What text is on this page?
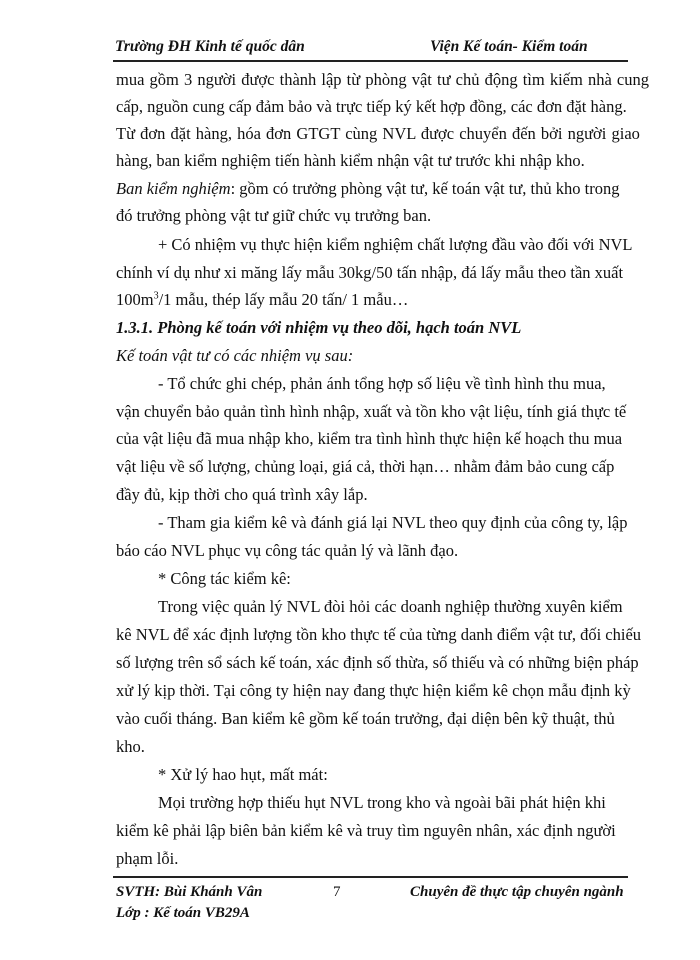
Trường ĐH Kinh tế quốc dân	Viện Kế toán- Kiểm toán
mua gồm 3 người được thành lập từ phòng vật tư chủ động tìm kiếm nhà cung
cấp, nguồn cung cấp đảm bảo và trực tiếp ký kết hợp đồng, các đơn đặt hàng.
Từ đơn đặt hàng, hóa đơn GTGT cùng NVL được chuyển đến bởi người giao
hàng, ban kiểm nghiệm tiến hành kiểm nhận vật tư trước khi nhập kho.
Ban kiểm nghiệm: gồm có trưởng phòng vật tư, kế toán vật tư, thủ kho trong
đó trưởng phòng vật tư giữ chức vụ trưởng ban.
+ Có nhiệm vụ thực hiện kiểm nghiệm chất lượng đầu vào đối với NVL
chính ví dụ như xi măng lấy mẫu 30kg/50 tấn nhập, đá lấy mẫu theo tần xuất
$100m^3/1$ mẫu, thép lấy mẫu 20 tấn/ 1 mẫu…
1.3.1. Phòng kế toán với nhiệm vụ theo dõi, hạch toán NVL
Kế toán vật tư có các nhiệm vụ sau:
- Tổ chức ghi chép, phản ánh tổng hợp số liệu về tình hình thu mua,
vận chuyển bảo quản tình hình nhập, xuất và tồn kho vật liệu, tính giá thực tế
của vật liệu đã mua nhập kho, kiểm tra tình hình thực hiện kế hoạch thu mua
vật liệu về số lượng, chủng loại, giá cả, thời hạn… nhằm đảm bảo cung cấp
đầy đủ, kịp thời cho quá trình xây lắp.
- Tham gia kiểm kê và đánh giá lại NVL theo quy định của công ty, lập
báo cáo NVL phục vụ công tác quản lý và lãnh đạo.
* Công tác kiểm kê:
Trong việc quản lý NVL đòi hỏi các doanh nghiệp thường xuyên kiểm
kê NVL để xác định lượng tồn kho thực tế của từng danh điểm vật tư, đối chiếu
số lượng trên sổ sách kế toán, xác định số thừa, số thiếu và có những biện pháp
xử lý kịp thời. Tại công ty hiện nay đang thực hiện kiểm kê chọn mẫu định kỳ
vào cuối tháng. Ban kiểm kê gồm kế toán trưởng, đại diện bên kỹ thuật, thủ
kho.
* Xử lý hao hụt, mất mát:
Mọi trường hợp thiếu hụt NVL trong kho và ngoài bãi phát hiện khi
kiểm kê phải lập biên bản kiểm kê và truy tìm nguyên nhân, xác định người
phạm lỗi.
SVTH: Bùi Khánh Vân	7	Chuyên đề thực tập chuyên ngành
Lớp : Kế toán VB29A
